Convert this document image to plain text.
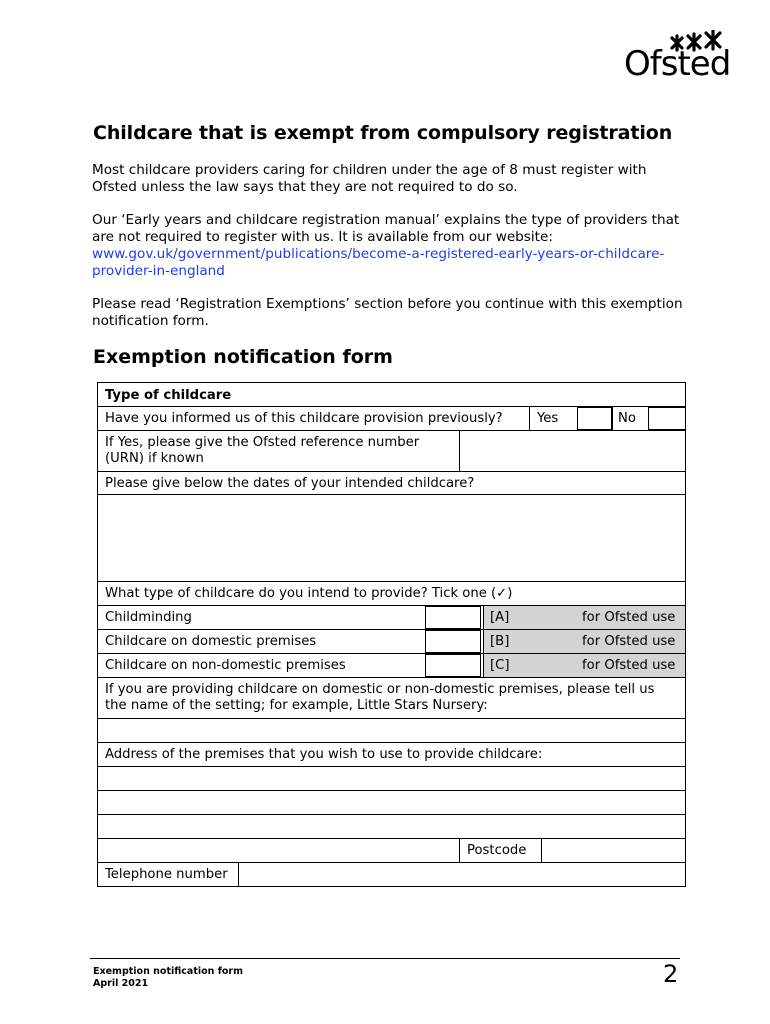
Ofsted
Childcare that is exempt from compulsory registration

Most childcare providers caring for children under the age of 8 must register with Ofsted unless the law says that they are not required to do so.

Our ‘Early years and childcare registration manual’ explains the type of providers that are not required to register with us. It is available from our website: www.gov.uk/government/publications/become-a-registered-early-years-or-childcare-provider-in-england

Please read ‘Registration Exemptions’ section before you continue with this exemption notification form.

Exemption notification form
Type of childcare
Have you informed us of this childcare provision previously?	Yes	No
If Yes, please give the Ofsted reference number (URN) if known
Please give below the dates of your intended childcare?
What type of childcare do you intend to provide? Tick one (✓)
Childminding	[A]	for Ofsted use
Childcare on domestic premises	[B]	for Ofsted use
Childcare on non-domestic premises	[C]	for Ofsted use
If you are providing childcare on domestic or non-domestic premises, please tell us the name of the setting; for example, Little Stars Nursery:
Address of the premises that you wish to use to provide childcare:
Postcode
Telephone number
Exemption notification form
April 2021	2
